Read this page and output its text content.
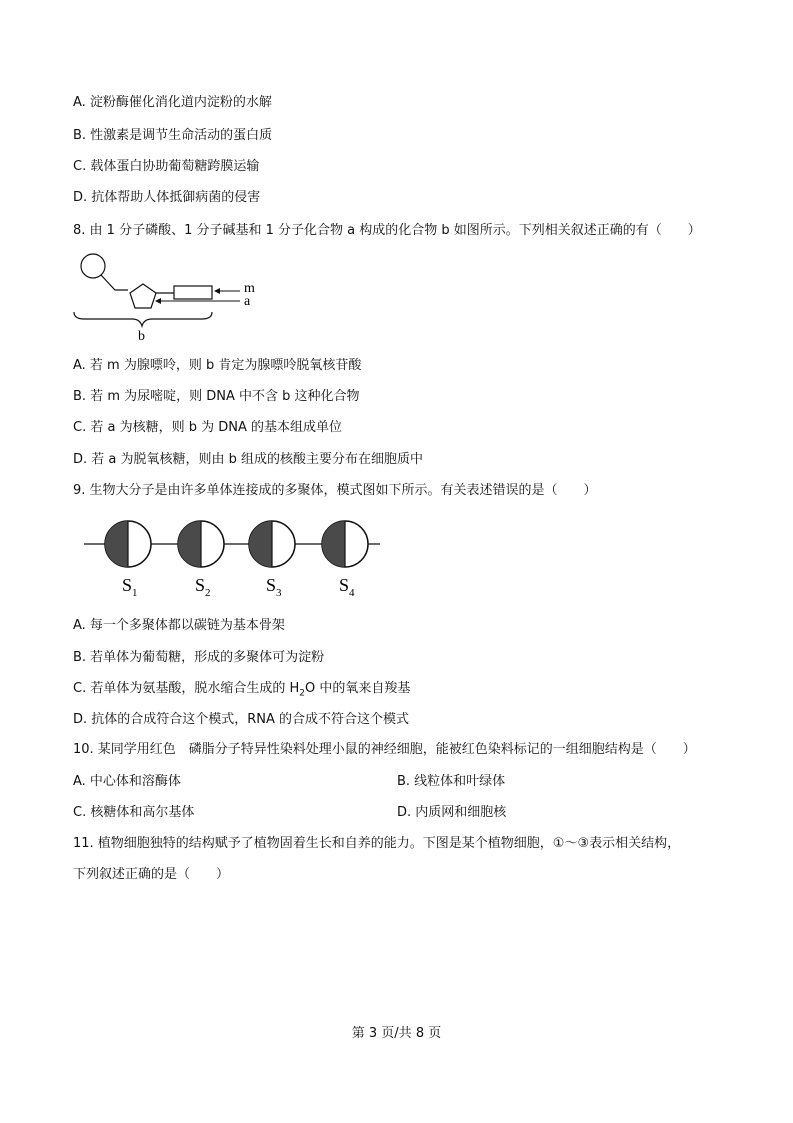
A. 淀粉酶催化消化道内淀粉的水解
B. 性激素是调节生命活动的蛋白质
C. 载体蛋白协助葡萄糖跨膜运输
D. 抗体帮助人体抵御病菌的侵害
8. 由 1 分子磷酸、1 分子碱基和 1 分子化合物 a 构成的化合物 b 如图所示。下列相关叙述正确的有（　　）
m
a
b
A. 若 m 为腺嘌呤，则 b 肯定为腺嘌呤脱氧核苷酸
B. 若 m 为尿嘧啶，则 DNA 中不含 b 这种化合物
C. 若 a 为核糖，则 b 为 DNA 的基本组成单位
D. 若 a 为脱氧核糖，则由 b 组成的核酸主要分布在细胞质中
9. 生物大分子是由许多单体连接成的多聚体，模式图如下所示。有关表述错误的是（　　）
$S_1$	$S_2$	$S_3$	$S_4$
A. 每一个多聚体都以碳链为基本骨架
B. 若单体为葡萄糖，形成的多聚体可为淀粉
C. 若单体为氨基酸，脱水缩合生成的 $H_2O$ 中的氧来自羧基
D. 抗体的合成符合这个模式，RNA 的合成不符合这个模式
10. 某同学用红色　磷脂分子特异性染料处理小鼠的神经细胞，能被红色染料标记的一组细胞结构是（　　）
A. 中心体和溶酶体	B. 线粒体和叶绿体
C. 核糖体和高尔基体	D. 内质网和细胞核
11. 植物细胞独特的结构赋予了植物固着生长和自养的能力。下图是某个植物细胞，①～③表示相关结构，
下列叙述正确的是（　　）
第 3 页/共 8 页
